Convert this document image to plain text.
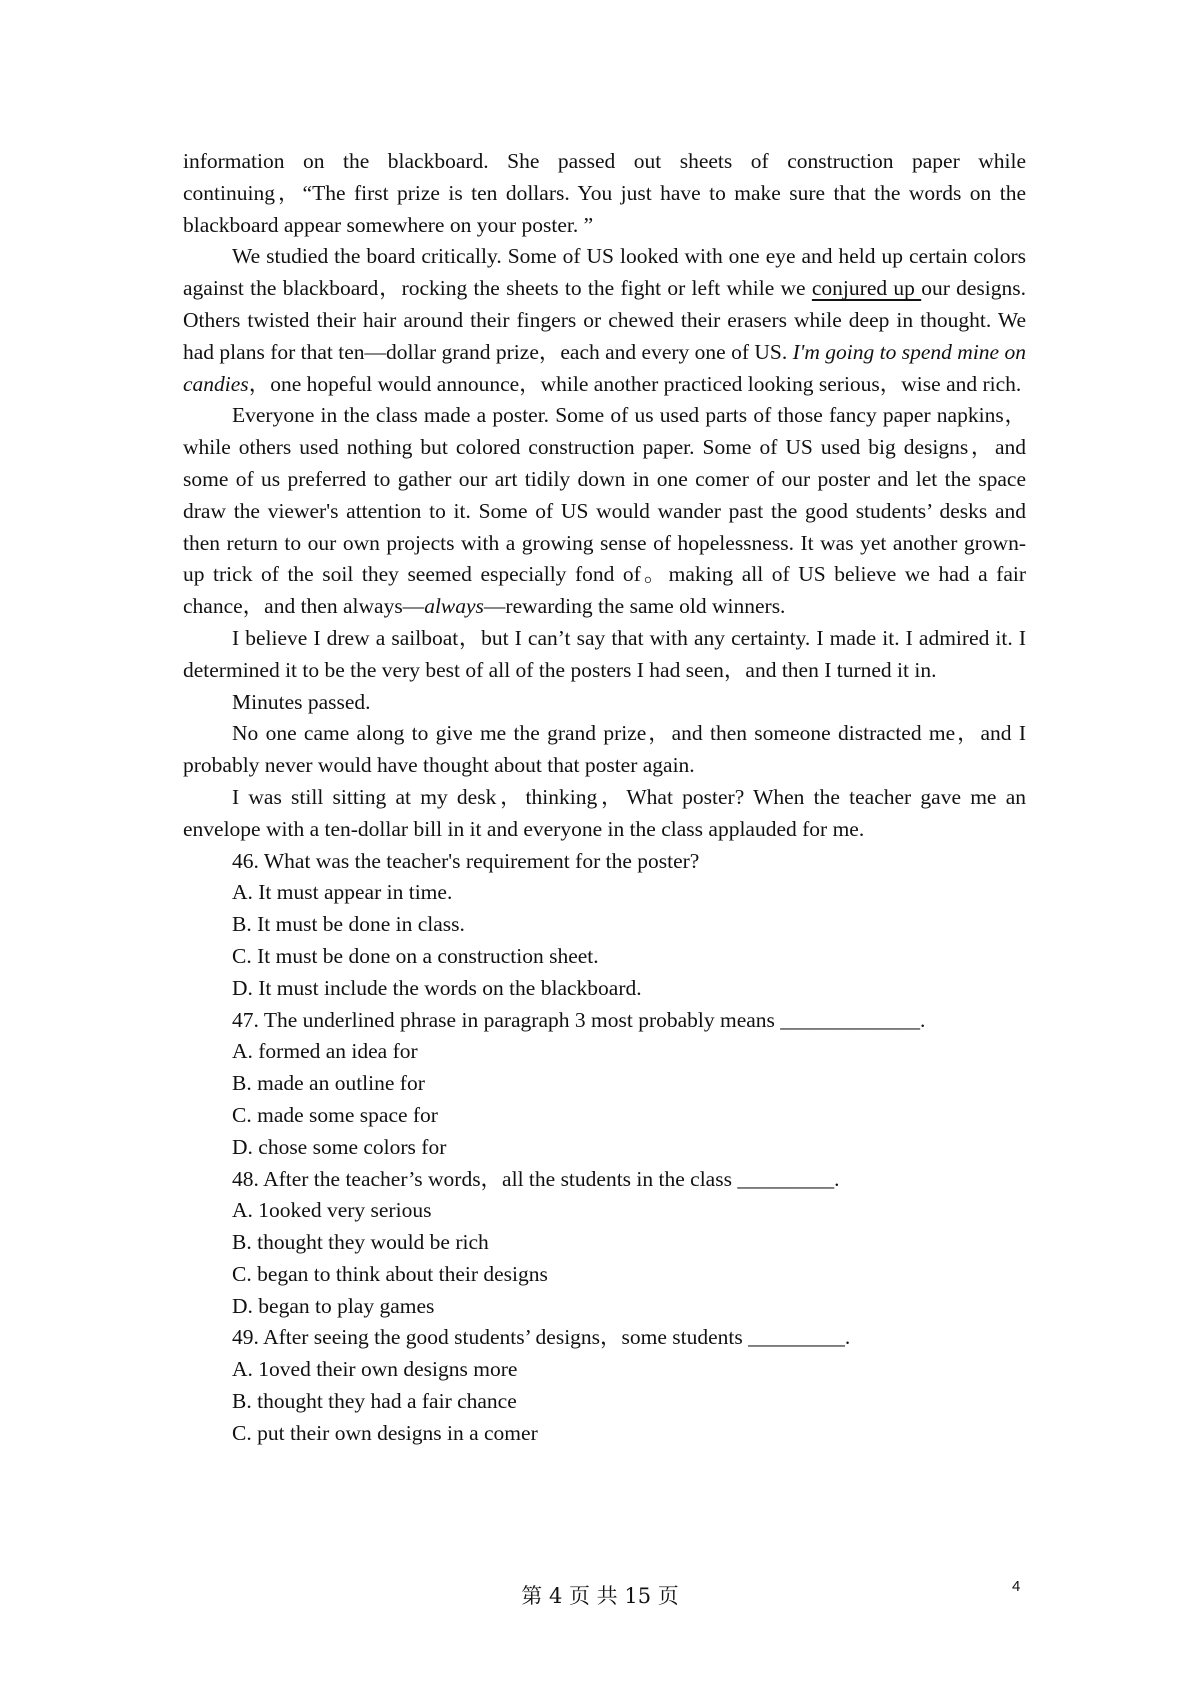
information on the blackboard. She passed out sheets of construction paper while continuing，“The first prize is ten dollars. You just have to make sure that the words on the blackboard appear somewhere on your poster. ”

We studied the board critically. Some of US looked with one eye and held up certain colors against the blackboard，rocking the sheets to the fight or left while we conjured up our designs. Others twisted their hair around their fingers or chewed their erasers while deep in thought. We had plans for that ten—dollar grand prize，each and every one of US. I'm going to spend mine on candies，one hopeful would announce，while another practiced looking serious，wise and rich.

Everyone in the class made a poster. Some of us used parts of those fancy paper napkins， while others used nothing but colored construction paper. Some of US used big designs，and some of us preferred to gather our art tidily down in one comer of our poster and let the space draw the viewer's attention to it. Some of US would wander past the good students’ desks and then return to our own projects with a growing sense of hopelessness. It was yet another grown-up trick of the soil they seemed especially fond of。making all of US believe we had a fair chance，and then always—always—rewarding the same old winners.

I believe I drew a sailboat，but I can’t say that with any certainty. I made it. I admired it. I determined it to be the very best of all of the posters I had seen，and then I turned it in.

Minutes passed.

No one came along to give me the grand prize，and then someone distracted me，and I probably never would have thought about that poster again.

I was still sitting at my desk，thinking，What poster? When the teacher gave me an envelope with a ten-dollar bill in it and everyone in the class applauded for me.

46. What was the teacher's requirement for the poster?

A. It must appear in time.

B. It must be done in class.

C. It must be done on a construction sheet.

D. It must include the words on the blackboard.

47. The underlined phrase in paragraph 3 most probably means _____________.

A. formed an idea for

B. made an outline for

C. made some space for

D. chose some colors for

48. After the teacher’s words，all the students in the class _________.

A. 1ooked very serious

B. thought they would be rich

C. began to think about their designs

D. began to play games

49. After seeing the good students’ designs，some students _________.

A. 1oved their own designs more

B. thought they had a fair chance

C. put their own designs in a comer

第 4 页 共 15 页	4
